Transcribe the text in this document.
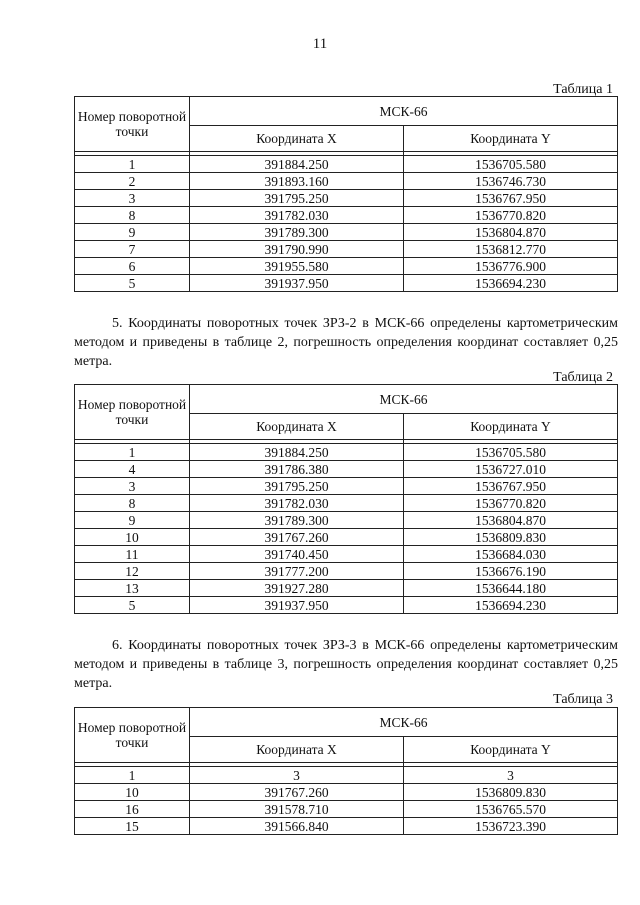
11
Таблица 1
Номер поворотной точки	МСК-66	
	Координата X	Координата Y

1	391884.250	1536705.580
2	391893.160	1536746.730
3	391795.250	1536767.950
8	391782.030	1536770.820
9	391789.300	1536804.870
7	391790.990	1536812.770
6	391955.580	1536776.900
5	391937.950	1536694.230
5. Координаты поворотных точек ЗРЗ-2 в МСК-66 определены картометрическим методом и приведены в таблице 2, погрешность определения координат составляет 0,25 метра.
Таблица 2
Номер поворотной точки	МСК-66	
	Координата X	Координата Y

1	391884.250	1536705.580
4	391786.380	1536727.010
3	391795.250	1536767.950
8	391782.030	1536770.820
9	391789.300	1536804.870
10	391767.260	1536809.830
11	391740.450	1536684.030
12	391777.200	1536676.190
13	391927.280	1536644.180
5	391937.950	1536694.230
6. Координаты поворотных точек ЗРЗ-3 в МСК-66 определены картометрическим методом и приведены в таблице 3, погрешность определения координат составляет 0,25 метра.
Таблица 3
Номер поворотной точки	МСК-66	
	Координата X	Координата Y

1	3	3
10	391767.260	1536809.830
16	391578.710	1536765.570
15	391566.840	1536723.390
